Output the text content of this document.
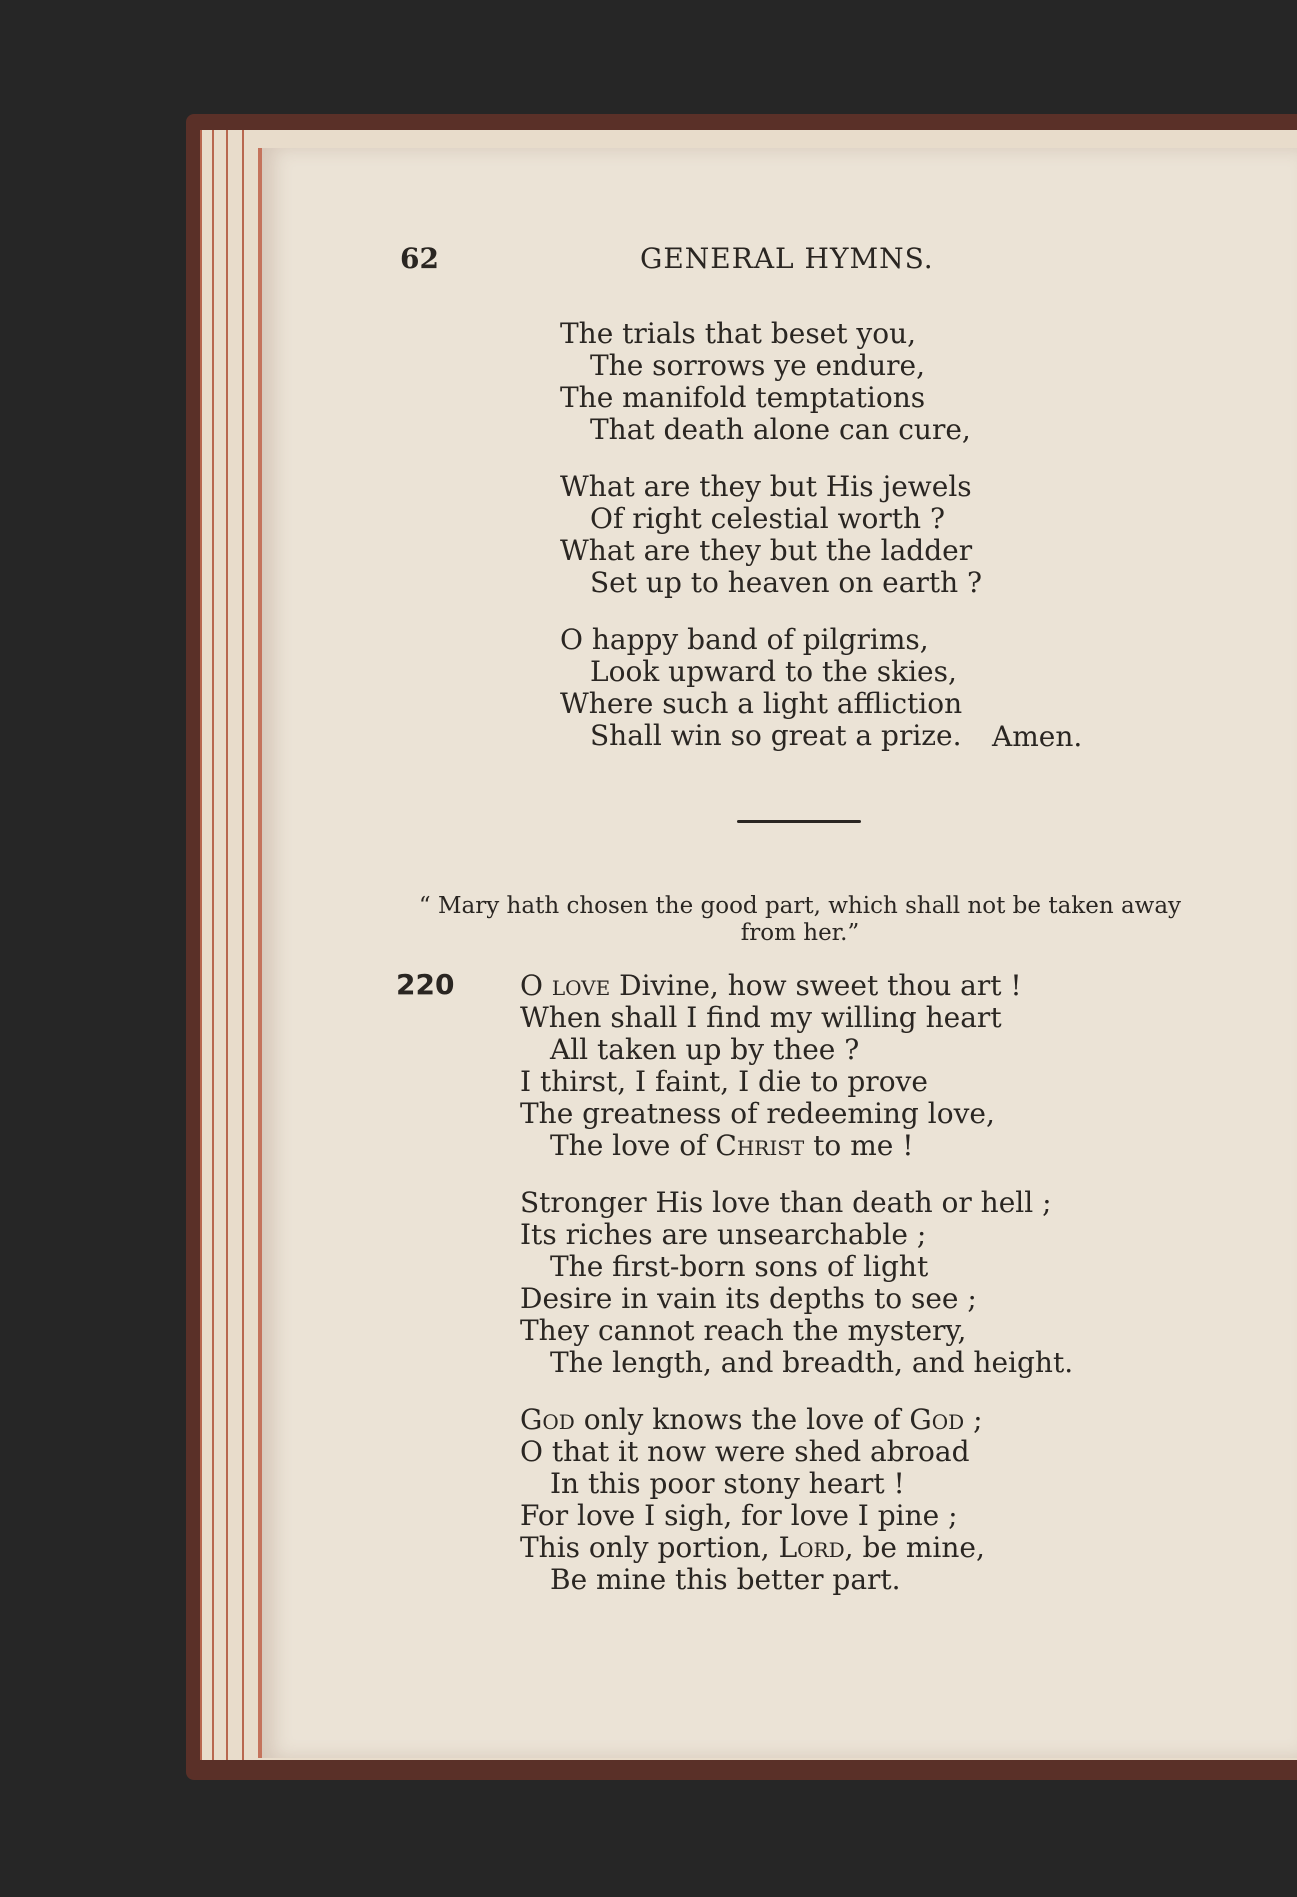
62	GENERAL HYMNS.
The trials that beset you,
The sorrows ye endure,
The manifold temptations
That death alone can cure,
What are they but His jewels
Of right celestial worth ?
What are they but the ladder
Set up to heaven on earth ?
O happy band of pilgrims,
Look upward to the skies,
Where such a light affliction
Shall win so great a prize. Amen.
“ Mary hath chosen the good part, which shall not be taken away
from her.”
220 O love Divine, how sweet thou art !
When shall I find my willing heart
All taken up by thee ?
I thirst, I faint, I die to prove
The greatness of redeeming love,
The love of Christ to me !
Stronger His love than death or hell ;
Its riches are unsearchable ;
The first-born sons of light
Desire in vain its depths to see ;
They cannot reach the mystery,
The length, and breadth, and height.
God only knows the love of God ;
O that it now were shed abroad
In this poor stony heart !
For love I sigh, for love I pine ;
This only portion, Lord, be mine,
Be mine this better part.
